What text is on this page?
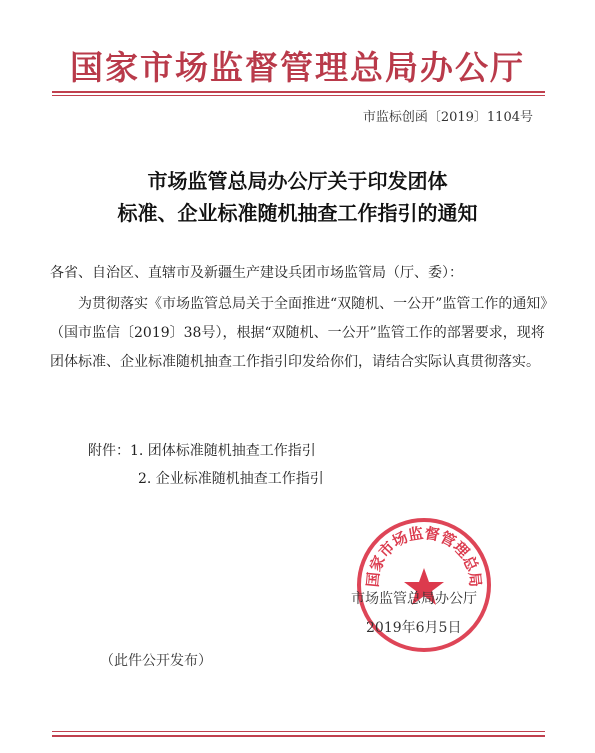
国家市场监督管理总局办公厅
市监标创函〔2019〕1104号
市场监管总局办公厅关于印发团体
标准、企业标准随机抽查工作指引的通知
各省、自治区、直辖市及新疆生产建设兵团市场监管局（厅、委）：
　　为贯彻落实《市场监管总局关于全面推进“双随机、一公开”监管工作的通知》（国市监信〔2019〕38号），根据“双随机、一公开”监管工作的部署要求，现将团体标准、企业标准随机抽查工作指引印发给你们，请结合实际认真贯彻落实。
附件：1. 团体标准随机抽查工作指引
2. 企业标准随机抽查工作指引
国家市场监督管理总局
市场监管总局办公厅
2019年6月5日
（此件公开发布）
